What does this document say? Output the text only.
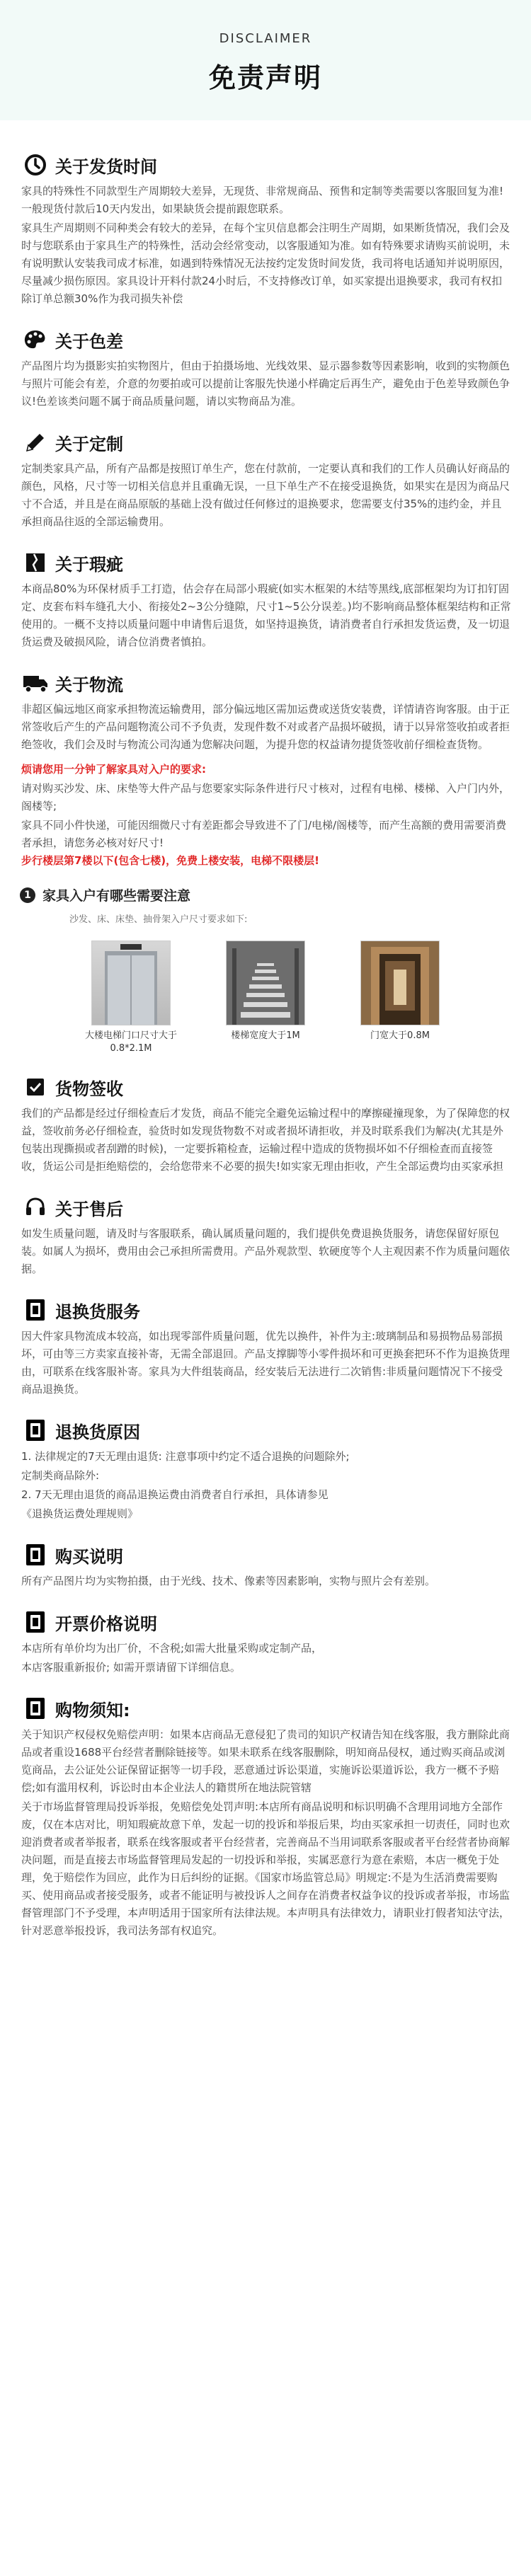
DISCLAIMER
免责声明
关于发货时间
家具的特殊性不同款型生产周期较大差异，无现货、非常规商品、预售和定制等类需要以客服回复为准!一般现货付款后10天内发出，如果缺货会提前跟您联系。
家具生产周期则不同种类会有较大的差异，在每个宝贝信息都会注明生产周期，如果断货情况，我们会及时与您联系由于家具生产的特殊性，活动会经常变动，以客服通知为准。如有特殊要求请购买前说明，未有说明默认安装我司成才标准，如遇到特殊情况无法按约定发货时间发货，我司将电话通知并说明原因，尽量减少损伤原因。家具设计开料付款24小时后，不支持修改订单，如买家提出退换要求，我司有权扣除订单总额30%作为我司损失补偿
关于色差
产品图片均为摄影实拍实物图片，但由于拍摄场地、光线效果、显示器参数等因素影响，收到的实物颜色与照片可能会有差，介意的勿要拍或可以提前让客服先快递小样确定后再生产，避免由于色差导致颜色争议!色差该类问题不属于商品质量问题，请以实物商品为准。
关于定制
定制类家具产品，所有产品都是按照订单生产，您在付款前，一定要认真和我们的工作人员确认好商品的颜色，风格，尺寸等一切相关信息并且重确无误，一旦下单生产不在接受退换货，如果实在是因为商品尺寸不合适，并且是在商品原版的基础上没有做过任何修过的退换要求，您需要支付35%的违约金，并且承担商品往返的全部运输费用。
关于瑕疵
本商品80%为环保材质手工打造，估会存在局部小瑕疵(如实木框架的木结等黑线,底部框架均为订扣钉固定、皮套布料车缝孔大小、衔接处2~3公分缝隙，尺寸1~5公分误差。)均不影响商品整体框架结构和正常使用的。一概不支持以质量问题中申请售后退货，如坚持退换货，请消费者自行承担发货运费，及一切退货运费及破损风险，请合位消费者慎拍。
关于物流
非超区偏远地区商家承担物流运输费用，部分偏远地区需加运费或送货安装费，详情请咨询客服。由于正常签收后产生的产品问题物流公司不予负责，发现件数不对或者产品损坏破损，请于以异常签收拍或者拒绝签收，我们会及时与物流公司沟通为您解决问题，为提升您的权益请勿提货签收前仔细检查货物。
烦请您用一分钟了解家具对入户的要求:
请对购买沙发、床、床垫等大件产品与您要家实际条件进行尺寸核对，过程有电梯、楼梯、入户门内外，阁楼等;
家具不同小件快递，可能因细微尺寸有差距都会导致进不了门/电梯/阁楼等，而产生高额的费用需要消费者承担，请您务必核对好尺寸!
步行楼层第7楼以下(包含七楼)，免费上楼安装，电梯不限楼层!
1 家具入户有哪些需要注意
沙发、床、床垫、抽骨架入户尺寸要求如下:
大楼电梯门口尺寸大于0.8*2.1M
楼梯宽度大于1M	门宽大于0.8M
货物签收
我们的产品都是经过仔细检查后才发货，商品不能完全避免运输过程中的摩擦碰撞现象，为了保障您的权益，签收前务必仔细检查，验货时如发现货物数不对或者损坏请拒收，并及时联系我们为解决(尤其是外包装出现撕损或者刮蹭的时候)，一定要拆箱检查，运输过程中造成的货物损坏如不仔细检查而直接签收，货运公司是拒绝赔偿的，会给您带来不必要的损失!如实家无理由拒收，产生全部运费均由买家承担
关于售后
如发生质量问题，请及时与客服联系，确认属质量问题的，我们提供免费退换货服务，请您保留好原包装。如属人为损坏，费用由会己承担所需费用。产品外观款型、软硬度等个人主观因素不作为质量问题依据。
退换货服务
因大件家具物流成本较高，如出现零部件质量问题，优先以换件，补件为主:玻璃制品和易损物品易部损坏，可由等三方卖家直接补寄，无需全部退回。产品支撑脚等小零件损坏和可更换套把环不作为退换货理由，可联系在线客服补寄。家具为大件组装商品，经安装后无法进行二次销售:非质量问题情况下不接受商品退换货。
退换货原因
1. 法律规定的7天无理由退货: 注意事项中约定不适合退换的问题除外;
定制类商品除外:
2. 7天无理由退货的商品退换运费由消费者自行承担，具体请参见
《退换货运费处理规则》
购买说明
所有产品图片均为实物拍摄，由于光线、技术、像素等因素影响，实物与照片会有差别。
开票价格说明
本店所有单价均为出厂价，不含税;如需大批量采购或定制产品，
本店客服重新报价; 如需开票请留下详细信息。
购物须知:
关于知识产权侵权免赔偿声明：如果本店商品无意侵犯了贵司的知识产权请告知在线客服，我方删除此商品或者重设1688平台经营者删除链接等。如果未联系在线客服删除，明知商品侵权，通过购买商品或浏览商品，去公证处公证保留证据等一切手段，恶意通过诉讼渠道，实施诉讼渠道诉讼，我方一概不予赔偿;如有滥用权利，诉讼时由本企业法人的籍贯所在地法院管辖
关于市场监督管理局投诉举报，免赔偿免处罚声明:本店所有商品说明和标识明确不含理用词地方全部作废，仅在本店对比，明知瑕疵故意下单，发起一切的投诉和举报后果，均由买家承担一切责任，同时也欢迎消费者或者举报者，联系在线客服或者平台经营者，完善商品不当用词联系客服或者平台经营者协商解决问题，而是直接去市场监督管理局发起的一切投诉和举报，实属恶意行为意在索赔，本店一概免于处理，免于赔偿作为回应，此作为日后纠纷的证据。《国家市场监管总局》明规定:不是为生活消费需要购买、使用商品或者接受服务，或者不能证明与被投诉人之间存在消费者权益争议的投诉或者举报，市场监督管理部门不予受理，本声明适用于国家所有法律法规。本声明具有法律效力，请职业打假者知法守法，针对恶意举报投诉，我司法务部有权追究。
